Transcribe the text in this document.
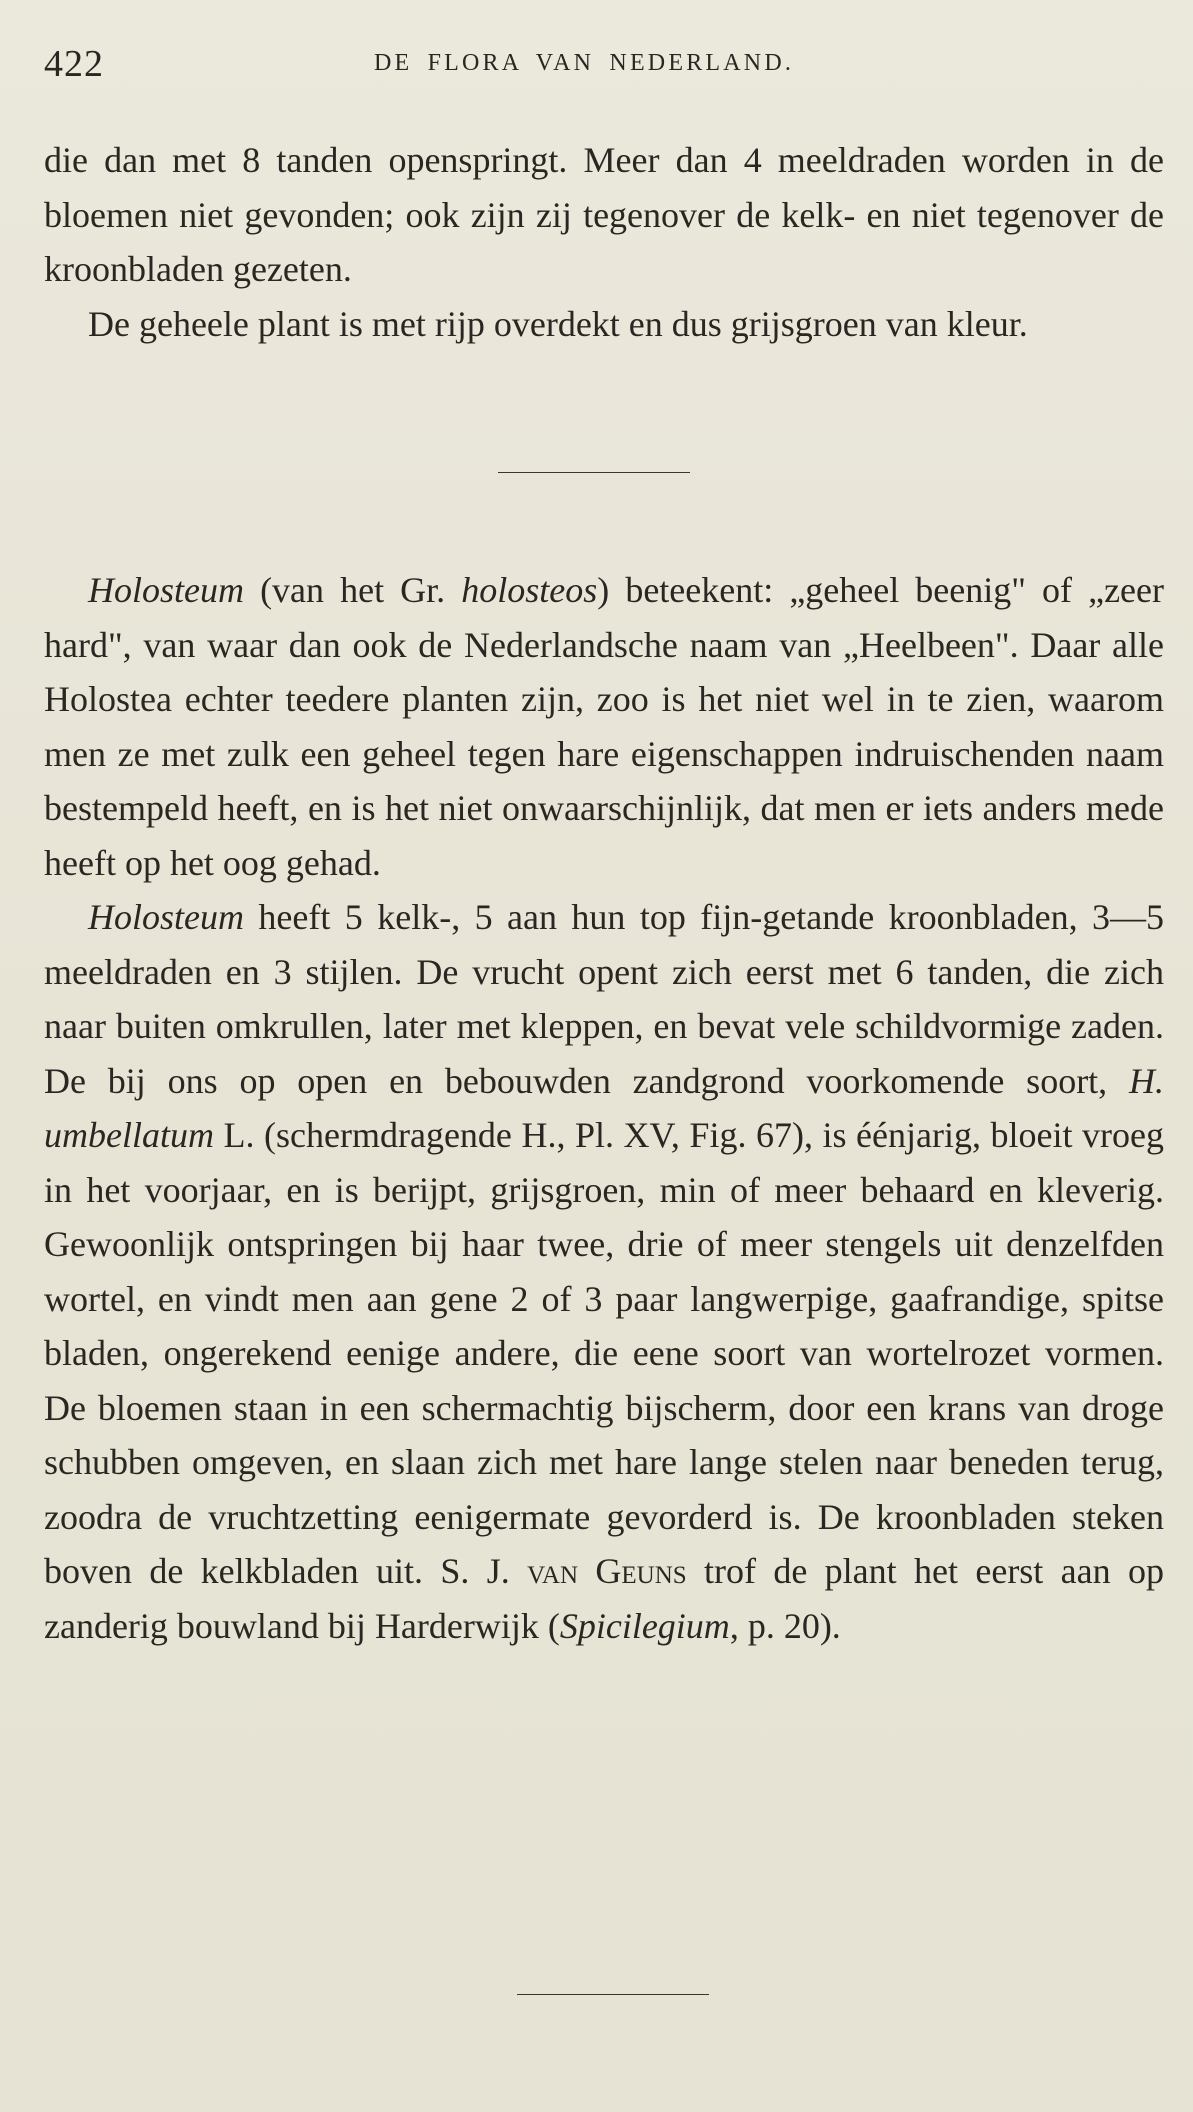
422	DE FLORA VAN NEDERLAND.

die dan met 8 tanden openspringt. Meer dan 4 meeldraden worden in de bloemen niet gevonden; ook zijn zij tegenover de kelk- en niet tegenover de kroonbladen gezeten.

De geheele plant is met rijp overdekt en dus grijsgroen van kleur.

Holosteum (van het Gr. holosteos) beteekent: „geheel beenig" of „zeer hard", van waar dan ook de Nederlandsche naam van „Heelbeen". Daar alle Holostea echter teedere planten zijn, zoo is het niet wel in te zien, waarom men ze met zulk een geheel tegen hare eigenschappen indruischenden naam bestempeld heeft, en is het niet onwaarschijnlijk, dat men er iets anders mede heeft op het oog gehad.

Holosteum heeft 5 kelk-, 5 aan hun top fijn-getande kroonbladen, 3—5 meeldraden en 3 stijlen. De vrucht opent zich eerst met 6 tanden, die zich naar buiten omkrullen, later met kleppen, en bevat vele schildvormige zaden. De bij ons op open en bebouwden zandgrond voorkomende soort, H. umbellatum L. (schermdragende H., Pl. XV, Fig. 67), is éénjarig, bloeit vroeg in het voorjaar, en is berijpt, grijsgroen, min of meer behaard en kleverig. Gewoonlijk ontspringen bij haar twee, drie of meer stengels uit denzelfden wortel, en vindt men aan gene 2 of 3 paar langwerpige, gaafrandige, spitse bladen, ongerekend eenige andere, die eene soort van wortelrozet vormen. De bloemen staan in een schermachtig bijscherm, door een krans van droge schubben omgeven, en slaan zich met hare lange stelen naar beneden terug, zoodra de vruchtzetting eenigermate gevorderd is. De kroonbladen steken boven de kelkbladen uit. S. J. van Geuns trof de plant het eerst aan op zanderig bouwland bij Harderwijk (Spicilegium, p. 20).
